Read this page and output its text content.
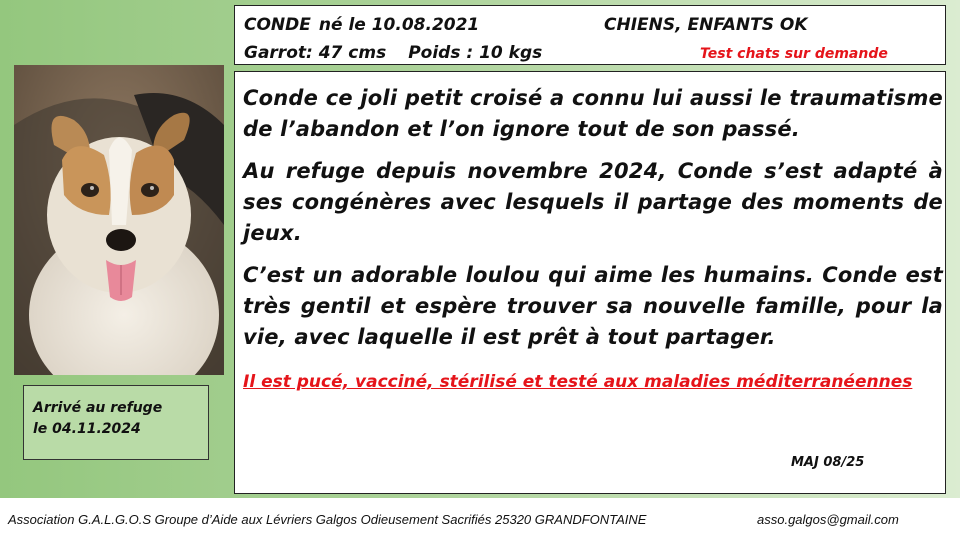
CONDE né le 10.08.2021	CHIENS, ENFANTS OK
Garrot: 47 cms Poids : 10 kgs	Test chats sur demande
Arrivé au refuge
le 04.11.2024

Conde ce joli petit croisé a connu lui aussi le traumatisme de l’abandon et l’on ignore tout de son passé.

Au refuge depuis novembre 2024, Conde s’est adapté à ses congénères avec lesquels il partage des moments de jeux.

C’est un adorable loulou qui aime les humains. Conde est très gentil et espère trouver sa nouvelle famille, pour la vie, avec laquelle il est prêt à tout partager.

Il est pucé, vacciné, stérilisé et testé aux maladies méditerranéennes
MAJ 08/25
Association G.A.L.G.O.S Groupe d’Aide aux Lévriers Galgos Odieusement Sacrifiés 25320 GRANDFONTAINE	asso.galgos@gmail.com
